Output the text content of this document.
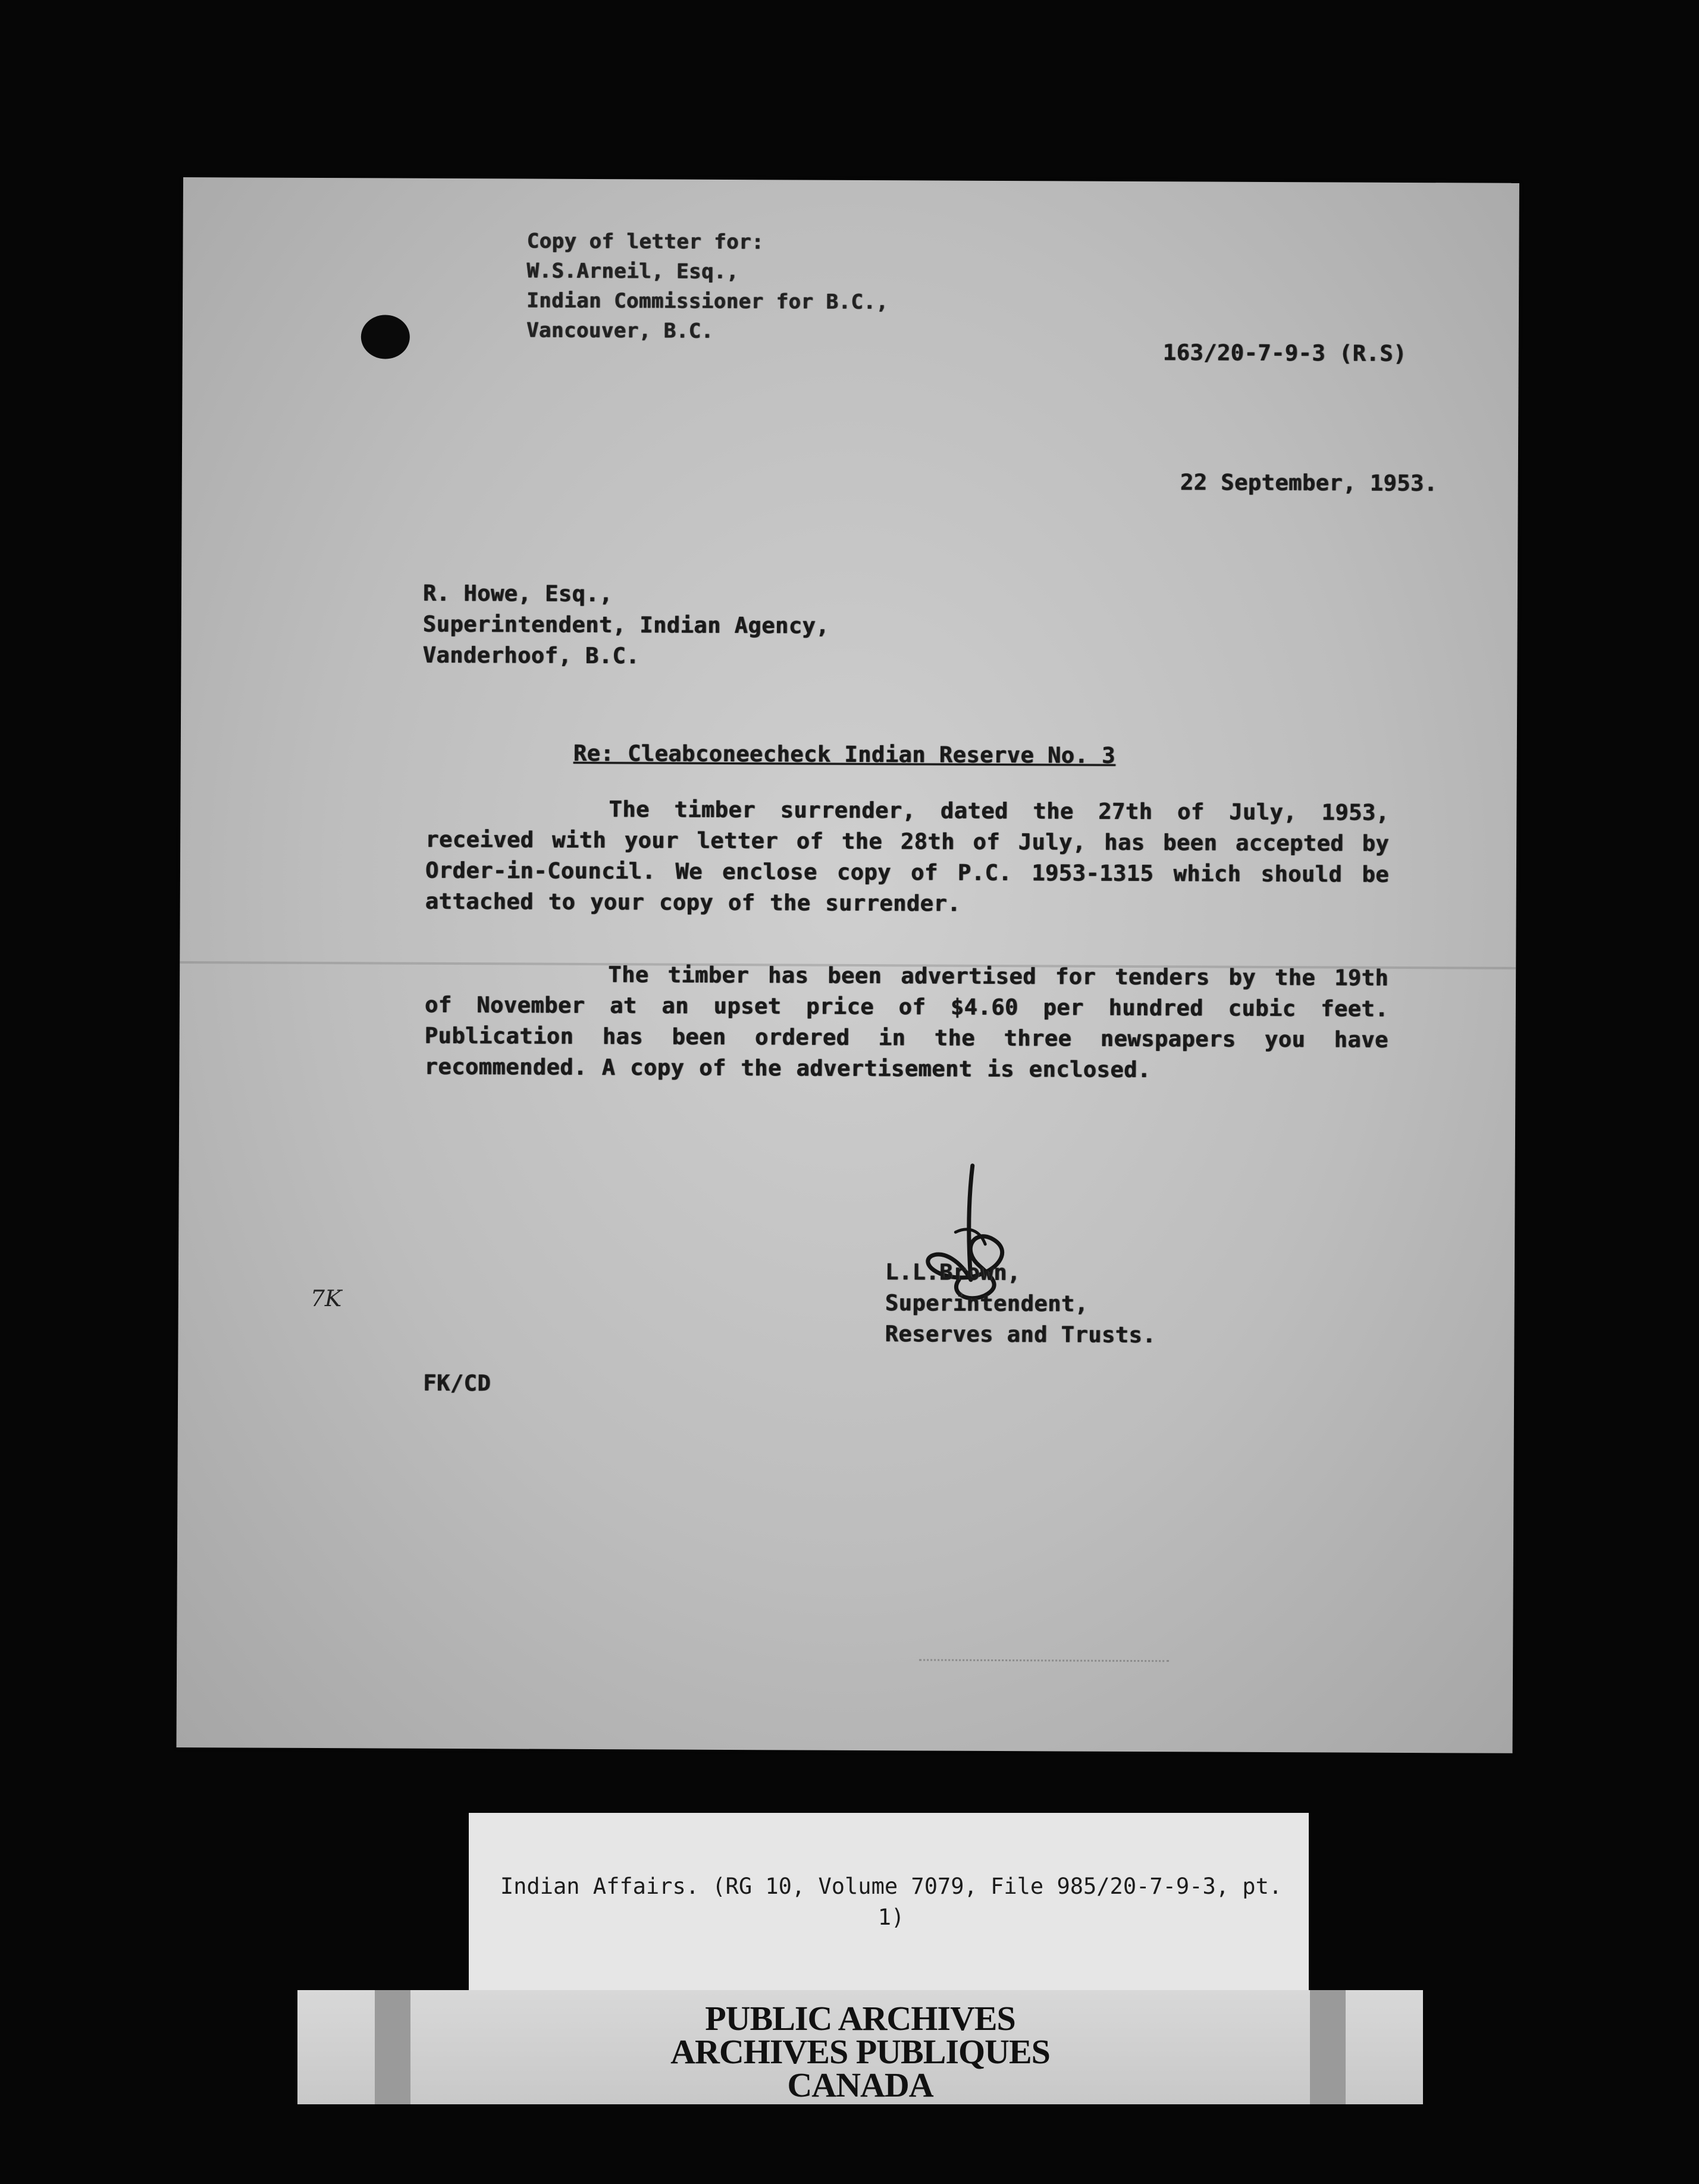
Copy of letter for:
W.S.Arneil, Esq.,
Indian Commissioner for B.C.,
Vancouver, B.C.
163/20-7-9-3 (R.S)
22 September, 1953.
R. Howe, Esq.,
Superintendent, Indian Agency,
Vanderhoof, B.C.
Re: Cleabconeecheck Indian Reserve No. 3
The timber surrender, dated the 27th of July, 1953, received with your letter of the 28th of July, has been accepted by Order-in-Council. We enclose copy of P.C. 1953-1315 which should be attached to your copy of the surrender.
The timber has been advertised for tenders by the 19th of November at an upset price of $4.60 per hundred cubic feet. Publication has been ordered in the three newspapers you have recommended. A copy of the advertisement is enclosed.
L.L.Brown,
Superintendent,
Reserves and Trusts.
7K
FK/CD
Indian Affairs. (RG 10, Volume 7079, File 985/20-7-9-3, pt. 1)
PUBLIC ARCHIVES
ARCHIVES PUBLIQUES
CANADA
